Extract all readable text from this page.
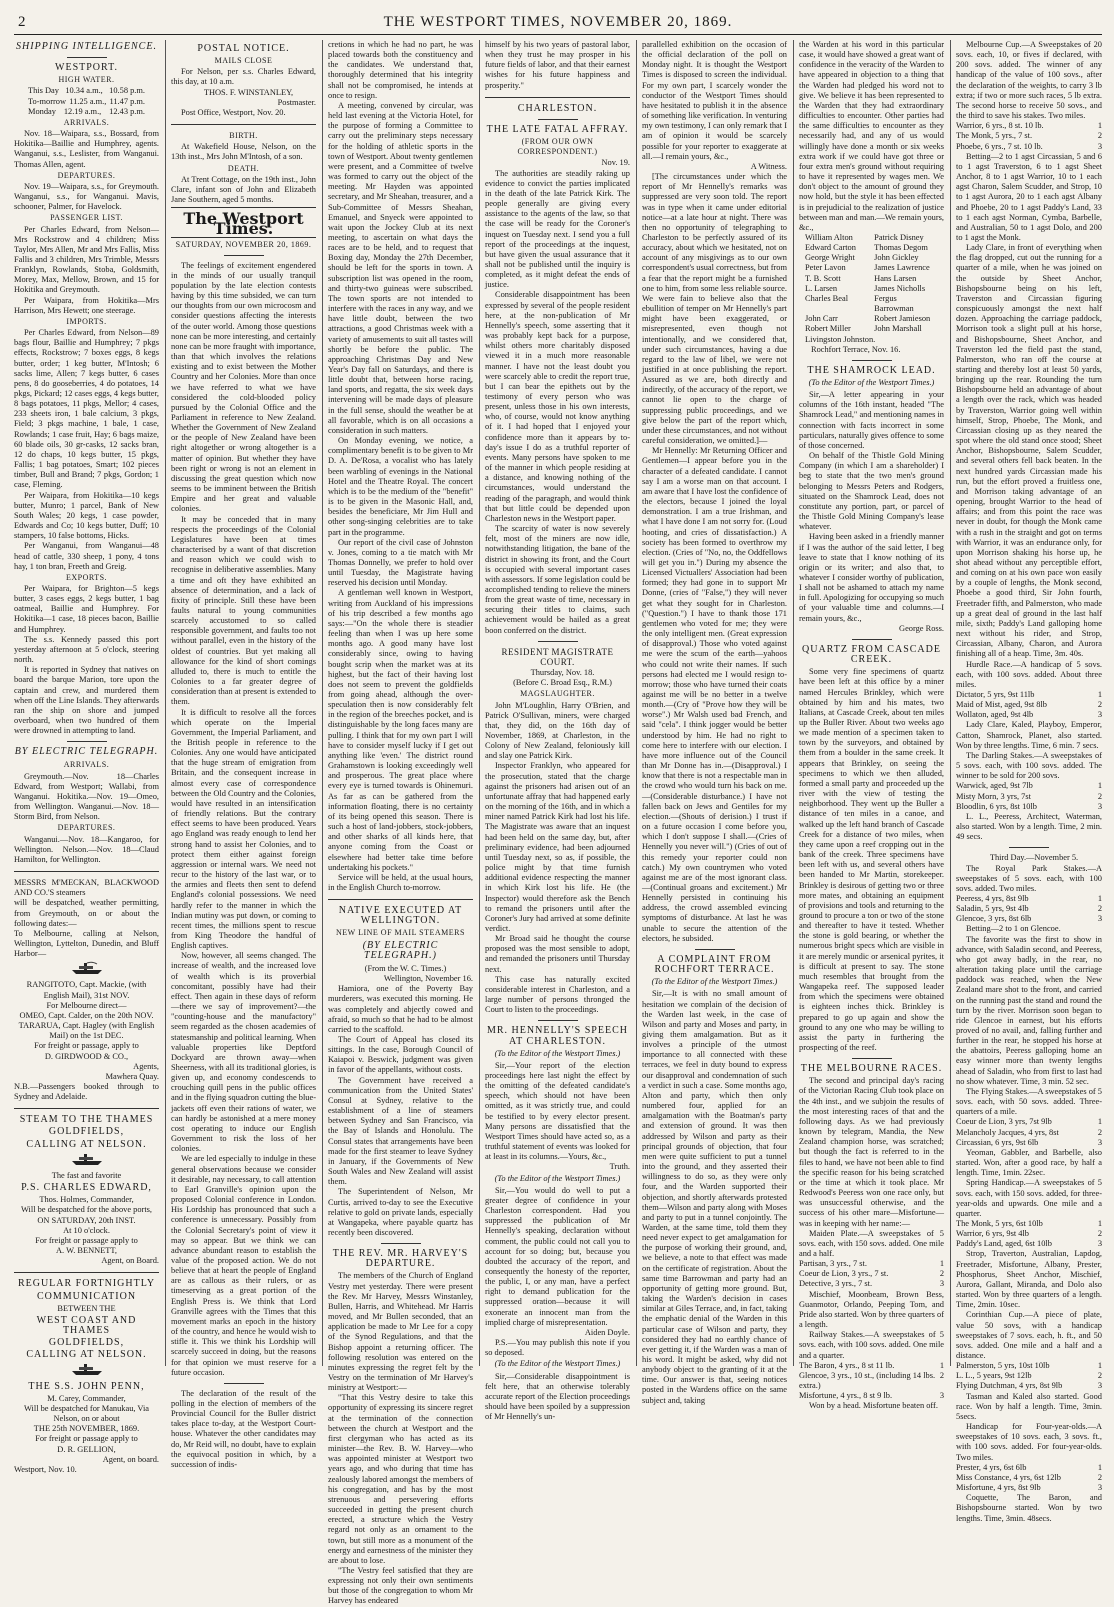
2	THE WESTPORT TIMES, NOVEMBER 20, 1869.
SHIPPING INTELLIGENCE.
WESTPORT.
HIGH WATER.
This Day 10.34 a.m., 10.58 p.m.
To-morrow 11.25 a.m., 11.47 p.m.
Monday 12.19 a.m., 12.43 p.m.
ARRIVALS.

Nov. 18—Waipara, s.s., Bossard, from Hokitika—Baillie and Humphrey, agents. Wanganui, s.s., Leslister, from Wanganui. Thomas Allen, agent.

DEPARTURES.

Nov. 19—Waipara, s.s., for Greymouth. Wanganui, s.s., for Wanganui. Mavis, schooner, Palmer, for Havelock.

PASSENGER LIST.

Per Charles Edward, from Nelson—Mrs Rockstrow and 4 children; Miss Taylor, Mrs Allen, Mr and Mrs Fallis, Miss Fallis and 3 children, Mrs Trimble, Messrs Franklyn, Rowlands, Stoba, Goldsmith, Morey, Max, Mellow, Brown, and 15 for Hokitika and Greymouth.

Per Waipara, from Hokitika—Mrs Harrison, Mrs Hewett; one steerage.

IMPORTS.

Per Charles Edward, from Nelson—89 bags flour, Baillie and Humphrey; 7 pkgs effects, Rockstrow; 7 boxes eggs, 8 kegs butter, order; 1 keg butter, M'Intosh; 6 sacks lime, Allen; 7 kegs butter, 6 cases pens, 8 do gooseberries, 4 do potatoes, 14 pkgs, Pickard; 12 cases eggs, 4 kegs butter, 8 bags potatoes, 11 pkgs, Mellor; 4 cases, 233 sheets iron, 1 bale calcium, 3 pkgs, Field; 3 pkgs machine, 1 bale, 1 case, Rowlands; 1 case fruit, Hay; 6 bags maize, 60 blade oils, 30 gr-casks, 12 sacks bran, 12 do chaps, 10 kegs butter, 15 pkgs, Fallis; 1 bag potatoes, Smart; 102 pieces timber, Bull and Brand; 7 pkgs, Gordon; 1 case, Fleming.

Per Waipara, from Hokitika—10 kegs butter, Munro; 1 parcel, Bank of New South Wales; 20 kegs, 1 case powder, Edwards and Co; 10 kegs butter, Duff; 10 stampers, 10 false bottoms, Hicks.

Per Wanganui, from Wanganui—48 head of cattle, 330 sheep, 1 pony, 4 tons hay, 1 ton bran, Freeth and Greig.

EXPORTS.

Per Waipara, for Brighton—5 kegs butter, 3 cases eggs, 2 kegs butter, 1 bag oatmeal, Baillie and Humphrey. For Hokitika—1 case, 18 pieces bacon, Baillie and Humphrey.

The s.s. Kennedy passed this port yesterday afternoon at 5 o'clock, steering north.

It is reported in Sydney that natives on board the barque Marion, tore upon the captain and crew, and murdered them when off the Line Islands. They afterwards ran the ship on shore and jumped overboard, when two hundred of them were drowned in attempting to land.

BY ELECTRIC TELEGRAPH.
ARRIVALS.

Greymouth.—Nov. 18—Charles Edward, from Westport; Wallabi, from Wanganui. Hokitika.—Nov. 19—Omeo, from Wellington. Wanganui.—Nov. 18—Storm Bird, from Nelson.

DEPARTURES.

Wanganui.—Nov. 18—Kangaroo, for Wellington. Nelson.—Nov. 18—Claud Hamilton, for Wellington.

MESSRS M'MECKAN, BLACKWOOD AND CO.'S steamers

will be despatched, weather permitting, from Greymouth, on or about the following dates:—

To Melbourne, calling at Nelson, Wellington, Lyttelton, Dunedin, and Bluff Harbor—

RANGITOTO, Capt. Mackie, (with English Mail), 31st NOV.

For Melbourne direct—

OMEO, Capt. Calder, on the 20th NOV.

TARARUA, Capt. Hagley (with English Mail) on the 1st DEC.

For freight or passage, apply to

D. GIRDWOOD & CO.,

Agents,

Mawhera Quay.

N.B.—Passengers booked through to Sydney and Adelaide.

STEAM TO THE THAMES
GOLDFIELDS,
CALLING AT NELSON.

The fast and favorite

P.S. CHARLES EDWARD,

Thos. Holmes, Commander,

Will be despatched for the above ports,

ON SATURDAY, 20th INST.

At 10 o'clock.

For freight or passage apply to

A. W. BENNETT,

Agent, on Board.

REGULAR FORTNIGHTLY
COMMUNICATION

BETWEEN THE

WEST COAST AND THAMES
GOLDFIELDS,
CALLING AT NELSON.
THE S.S. JOHN PENN,

M. Carey, Commander,

Will be despatched for Manukau, Via Nelson, on or about

THE 25th NOVEMBER, 1869.

For freight or passage apply to

D. R. GELLION,

Agent, on board.

Westport, Nov. 10.

POSTAL NOTICE.
MAILS CLOSE

For Nelson, per s.s. Charles Edward, this day, at 10 a.m.

THOS. F. WINSTANLEY,

Postmaster.

Post Office, Westport, Nov. 20.

BIRTH.

At Wakefield House, Nelson, on the 13th inst., Mrs John M'Intosh, of a son.

DEATH.

At Trent Cottage, on the 19th inst., John Clare, infant son of John and Elizabeth Jane Southern, aged 5 months.

The Westport Times.
SATURDAY, NOVEMBER 20, 1869.

The feelings of excitement engendered in the minds of our usually tranquil population by the late election contests having by this time subsided, we can turn our thoughts from our own microcosm and consider questions affecting the interests of the outer world. Among those questions none can be more interesting, and certainly none can be more fraught with importance, than that which involves the relations existing and to exist between the Mother Country and her Colonies. More than once we have referred to what we have considered the cold-blooded policy pursued by the Colonial Office and the Parliament in reference to New Zealand. Whether the Government of New Zealand or the people of New Zealand have been right altogether or wrong altogether is a matter of opinion. But whether they have been right or wrong is not an element in discussing the great question which now seems to be imminent between the British Empire and her great and valuable colonies.

It may be conceded that in many respects the proceedings of the Colonial Legislatures have been at times characterised by a want of that discretion and reason which we could wish to recognise in deliberative assemblies. Many a time and oft they have exhibited an absence of determination, and a lack of fixity of principle. Still these have been faults natural to young communities scarcely accustomed to so called responsible government, and faults too not without parallel, even in the history of the oldest of countries. But yet making all allowance for the kind of short comings alluded to, there is much to entitle the Colonies to a far greater degree of consideration than at present is extended to them.

It is difficult to resolve all the forces which operate on the Imperial Government, the Imperial Parliament, and the British people in reference to the Colonies. Any one would have anticipated that the huge stream of emigration from Britain, and the consequent increase in almost every case of correspondence between the Old Country and the Colonies, would have resulted in an intensification of friendly relations. But the contrary effect seems to have been produced. Years ago England was ready enough to lend her strong hand to assist her Colonies, and to protect them either against foreign aggression or internal wars. We need not recur to the history of the last war, or to the armies and fleets then sent to defend England's colonial possessions. We need hardly refer to the manner in which the Indian mutiny was put down, or coming to recent times, the millions spent to rescue from King Theodore the handful of English captives.

Now, however, all seems changed. The increase of wealth, and the increased love of wealth which is its proverbial concomitant, possibly have had their effect. Then again in these days of reform—there we say of improvement?—the "counting-house and the manufactory" seem regarded as the chosen academies of statesmanship and political learning. When valuable properties like Deptford Dockyard are thrown away—when Sheerness, with all its traditional glories, is given up, and economy condescends to crouching quill pens in the public offices and in the flying squadron cutting the blue-jackets off even their rations of water, we can hardly be astonished at a mere money cost operating to induce our English Government to risk the loss of her colonies.

We are led especially to indulge in these general observations because we consider it desirable, nay necessary, to call attention to Earl Granville's opinion upon the proposed Colonial conference in London. His Lordship has pronounced that such a conference is unnecessary. Possibly from the Colonial Secretary's point of view it may so appear. But we think we can advance abundant reason to establish the value of the proposed action. We do not believe that at heart the people of England are as callous as their rulers, or as timeserving as a great portion of the English Press is. We think that Lord Granville agrees with the Times that this movement marks an epoch in the history of the country, and hence he would wish to stifle it. This we think his Lordship will scarcely succeed in doing, but the reasons for that opinion we must reserve for a future occasion.

The declaration of the result of the polling in the election of members of the Provincial Council for the Buller district takes place to-day, at the Westport Court-house. Whatever the other candidates may do, Mr Reid will, no doubt, have to explain the equivocal position in which, by a succession of indis-

cretions in which he had no part, he was placed towards both the constituency and the candidates. We understand that, thoroughly determined that his integrity shall not be compromised, he intends at once to resign.

A meeting, convened by circular, was held last evening at the Victoria Hotel, for the purpose of forming a Committee to carry out the preliminary steps necessary for the holding of athletic sports in the town of Westport. About twenty gentlemen were present, and a Committee of twelve was formed to carry out the object of the meeting. Mr Hayden was appointed secretary, and Mr Sheahan, treasurer, and a Sub-Committee of Messrs Sheahan, Emanuel, and Snyeck were appointed to wait upon the Jockey Club at its next meeting, to ascertain on what days the races are to be held, and to request that Boxing day, Monday the 27th December, should be left for the sports in town. A subscription list was opened in the room, and thirty-two guineas were subscribed. The town sports are not intended to interfere with the races in any way, and we have little doubt, between the two attractions, a good Christmas week with a variety of amusements to suit all tastes will shortly be before the public. The approaching Christmas Day and New Year's Day fall on Saturdays, and there is little doubt that, between horse racing, land sports, and regatta, the six week days intervening will be made days of pleasure in the full sense, should the weather be at all favorable, which is on all occasions a consideration in such matters.

On Monday evening, we notice, a complimentary benefit is to be given to Mr D. A. De'Rosa, a vocalist who has lately been warbling of evenings in the National Hotel and the Theatre Royal. The concert which is to be the medium of the "benefit" is to be given in the Masonic Hall, and, besides the beneficiare, Mr Jim Hull and other song-singing celebrities are to take part in the programme.

Our report of the civil case of Johnston v. Jones, coming to a tie match with Mr Thomas Donnelly, we prefer to hold over until Tuesday, the Magistrate having reserved his decision until Monday.

A gentleman well known in Westport, writing from Auckland of his impressions of his trip described a few months ago says:—"On the whole there is steadier feeling than when I was up here some months ago. A good many have lost considerably since, owing to having bought scrip when the market was at its highest, but the fact of their having lost does not seem to prevent the goldfields from going ahead, although the over-speculation then is now considerably felt in the region of the breeches pocket, and is distinguishable by the long faces many are pulling. I think that for my own part I will have to consider myself lucky if I get out anything like 'even.' The district round Grahamstown is looking exceedingly well and prosperous. The great place where every eye is turned towards is Ohinemuri. As far as can be gathered from the information floating, there is no certainty of its being opened this season. There is such a host of land-jobbers, stock-jobbers, and other sharks of all kinds here, that anyone coming from the Coast or elsewhere had better take time before undertaking his pockets."

Service will be held, at the usual hours, in the English Church to-morrow.

NATIVE EXECUTED AT WELLINGTON.
NEW LINE OF MAIL STEAMERS
(BY ELECTRIC TELEGRAPH.)

(From the W. C. Times.)

Wellington, November 16.

Hamiora, one of the Poverty Bay murderers, was executed this morning. He was completely and abjectly cowed and afraid, so much so that he had to be almost carried to the scaffold.

The Court of Appeal has closed its sittings. In the case, Borough Council of Kaiapoi v. Beswick, judgment was given in favor of the appellants, without costs.

The Government have received a communication from the United States' Consul at Sydney, relative to the establishment of a line of steamers between Sydney and San Francisco, via the Bay of Islands and Honolulu. The Consul states that arrangements have been made for the first steamer to leave Sydney in January, if the Governments of New South Wales and New Zealand will assist them.

The Superintendent of Nelson, Mr Curtis, arrived to-day to see the Executive relative to gold on private lands, especially at Wangapeka, where payable quartz has recently been discovered.

THE REV. MR. HARVEY'S DEPARTURE.

The members of the Church of England Vestry met yesterday. There were present the Rev. Mr Harvey, Messrs Winstanley, Bullen, Harris, and Whitehead. Mr Harris moved, and Mr Bullen seconded, that an application be made to Mr Lee for a copy of the Synod Regulations, and that the Bishop appoint a returning officer. The following resolution was entered on the minutes expressing the regret felt by the Vestry on the termination of Mr Harvey's ministry at Westport:—

"That this Vestry desire to take this opportunity of expressing its sincere regret at the termination of the connection between the church at Westport and the first clergyman who has acted as its minister—the Rev. B. W. Harvey—who was appointed minister at Westport two years ago, and who during that time has zealously labored amongst the members of his congregation, and has by the most strenuous and persevering efforts succeeded in getting the present church erected, a structure which the Vestry regard not only as an ornament to the town, but still more as a monument of the energy and earnestness of the minister they are about to lose.

"The Vestry feel satisfied that they are expressing not only their own sentiments but those of the congregation to whom Mr Harvey has endeared

himself by his two years of pastoral labor, when they trust he may prosper in his future fields of labor, and that their earnest wishes for his future happiness and prosperity."

CHARLESTON.
THE LATE FATAL AFFRAY.
(FROM OUR OWN CORRESPONDENT.)

Nov. 19.

The authorities are steadily raking up evidence to convict the parties implicated in the death of the late Patrick Kirk. The people generally are giving every assistance to the agents of the law, so that the case will be ready for the Coroner's inquest on Tuesday next. I send you a full report of the proceedings at the inquest, but have given the usual assurance that it shall not be published until the inquiry is completed, as it might defeat the ends of justice.

Considerable disappointment has been expressed by several of the people resident here, at the non-publication of Mr Hennelly's speech, some asserting that it was probably kept back for a purpose, whilst others more charitably disposed viewed it in a much more reasonable manner. I have not the least doubt you were scarcely able to credit the report true, but I can bear the epithets out by the testimony of every person who was present, unless those in his own interests, who, of course, would not know anything of it. I had hoped that I enjoyed your confidence more than it appears by to-day's issue I do as a truthful reporter of events. Many persons have spoken to me of the manner in which people residing at a distance, and knowing nothing of the circumstances, would understand the reading of the paragraph, and would think that but little could be depended upon Charleston news in the Westport paper.

The scarcity of water is now severely felt, most of the miners are now idle, notwithstanding litigation, the bane of the district in showing its front, and the Court is occupied with several important cases with assessors. If some legislation could be accomplished tending to relieve the miners from the great waste of time, necessary in securing their titles to claims, such achievement would be hailed as a great boon conferred on the district.

RESIDENT MAGISTRATE COURT.

Thursday, Nov. 18.

(Before C. Broad Esq., R.M.)

MAGSLAUGHTER.

John M'Loughlin, Harry O'Brien, and Patrick O'Sullivan, miners, were charged that, they did, on the 16th day of November, 1869, at Charleston, in the Colony of New Zealand, feloniously kill and slay one Patrick Kirk.

Inspector Franklyn, who appeared for the prosecution, stated that the charge against the prisoners had arisen out of an unfortunate affray that had happened early on the morning of the 16th, and in which a miner named Patrick Kirk had lost his life. The Magistrate was aware that an inquest had been held on the same day, but, after preliminary evidence, had been adjourned until Tuesday next, so as, if possible, the police might by that time furnish additional evidence respecting the manner in which Kirk lost his life. He (the Inspector) would therefore ask the Bench to remand the prisoners until after the Coroner's Jury had arrived at some definite verdict.

Mr Broad said he thought the course proposed was the most sensible to adopt, and remanded the prisoners until Thursday next.

This case has naturally excited considerable interest in Charleston, and a large number of persons thronged the Court to listen to the proceedings.

MR. HENNELLY'S SPEECH AT CHARLESTON.
(To the Editor of the Westport Times.)

Sir,—Your report of the election proceedings here last night the effect by the omitting of the defeated candidate's speech, which should not have been omitted, as it was strictly true, and could be testified to by every elector present. Many persons are dissatisfied that the Westport Times should have acted so, as a truthful statement of events was looked for at least in its columns.—Yours, &c.,

Truth.

(To the Editor of the Westport Times.)

Sir,—You would do well to put a greater degree of confidence in your Charleston correspondent. Had you suppressed the publication of Mr Hennelly's speaking, declaration without comment, the public could not call you to account for so doing; but, because you doubted the accuracy of the report, and consequently the honesty of the reporter, the public, I, or any man, have a perfect right to demand publication for the suppressed oration—because it will exonerate an innocent man from the implied charge of misrepresentation.

Aiden Doyle.

P.S.—You may publish this note if you so deposed.

(To the Editor of the Westport Times.)

Sir,—Considerable disappointment is felt here, that an otherwise tolerably accurate report of the Election proceedings should have been spoiled by a suppression of Mr Hennelly's un-

parallelled exhibition on the occasion of the official declaration of the poll on Monday night. It is thought the Westport Times is disposed to screen the individual. For my own part, I scarcely wonder the conductor of the Westport Times should have hesitated to publish it in the absence of something like verification. In venturing my own testimony, I can only remark that I am of opinion it would be scarcely possible for your reporter to exaggerate at all.—I remain yours, &c.,

A Witness.

[The circumstances under which the report of Mr Hennelly's remarks was suppressed are very soon told. The report was in type when it came under editorial notice—at a late hour at night. There was then no opportunity of telegraphing to Charleston to be perfectly assured of its accuracy, about which we hesitated, not on account of any misgivings as to our own correspondent's usual correctness, but from a fear that the report might be a furnished one to him, from some less reliable source. We were fain to believe also that the ebullition of temper on Mr Hennelly's part might have been exaggerated, or misrepresented, even though not intentionally, and we considered that, under such circumstances, having a due regard to the law of libel, we were not justified in at once publishing the report. Assured as we are, both directly and indirectly, of the accuracy of the report, we cannot lie open to the charge of suppressing public proceedings, and we give below the part of the report which, under these circumstances, and not without careful consideration, we omitted.]—

Mr Hennelly: Mr Returning Officer and Gentlemen—I appear before you in the character of a defeated candidate. I cannot say I am a worse man on that account. I am aware that I have lost the confidence of the electors, because I joined the loyal demonstration. I am a true Irishman, and what I have done I am not sorry for. (Loud hooting, and cries of dissatisfaction.) A society has been formed to overthrow my election. (Cries of "No, no, the Oddfellows will get you in.") During my absence the Licensed Victuallers' Association had been formed; they had gone in to support Mr Donne, (cries of "False,") they will never get what they sought for in Charleston. ("Question.") I have to thank those 171 gentlemen who voted for me; they were the only intelligent men. (Great expression of disapproval.) Those who voted against me were the scum of the earth—yahoos who could not write their names. If such persons had elected me I would resign to-morrow; those who have turned their coats against me will be no better in a twelve month.—(Cry of "Prove how they will be worse".) Mr Walsh used bad French, and said "cela". I think jogger would be better understood by him. He had no right to come here to interfere with our election. I have more influence out of the Council than Mr Donne has in.—(Disapproval.) I know that there is not a respectable man in the crowd who would turn his back on me.—(Considerable disturbance.) I have not fallen back on Jews and Gentiles for my election.—(Shouts of derision.) I trust if on a future occasion I come before you, which I don't suppose I shall.—(Cries of Hennelly you never will.") (Cries of out of this remedy your reporter could non catch.) My own countrymen who voted against me are of the most ignorant class.—(Continual groans and excitement.) Mr Hennelly persisted in continuing his address, the crowd assembled evincing symptoms of disturbance. At last he was unable to secure the attention of the electors, he subsided.

A COMPLAINT FROM ROCHFORT TERRACE.
(To the Editor of the Westport Times.)

Sir,—It is with no small amount of hesitation we complain of the decision of the Warden last week, in the case of Wilson and party and Moses and party, in giving them amalgamation. But as it involves a principle of the utmost importance to all connected with these terraces, we feel in duty bound to express our disapproval and condemnation of such a verdict in such a case. Some months ago, Alton and party, which then only numbered four, applied for an amalgamation with the Boatman's party and extension of ground. It was then addressed by Wilson and party as their principal grounds of objection, that four men were quite sufficient to put a tunnel into the ground, and they asserted their willingness to do so, as they were only four, and the Warden supported their objection, and shortly afterwards protested them—Wilson and party along with Moses and party to put in a tunnel conjointly. The Warden, at the same time, told them they need never expect to get amalgamation for the purpose of working their ground, and, we believe, a note to that effect was made on the certificate of registration. About the same time Barrowman and party had an opportunity of getting more ground. But, taking the Warden's decision in cases similar at Giles Terrace, and, in fact, taking the emphatic denial of the Warden in this particular case of Wilson and party, they considered they had no earthly chance of ever getting it, if the Warden was a man of his word. It might be asked, why did not anybody object to the granting of it at the time. Our answer is that, seeing notices posted in the Wardens office on the same subject and, taking

the Warden at his word in this particular case, it would have showed a great want of confidence in the veracity of the Warden to have appeared in objection to a thing that the Warden had pledged his word not to give. We believe it has been represented to the Warden that they had extraordinary difficulties to encounter. Other parties had the same difficulties to encounter as they necessarily had, and any of us would willingly have done a month or six weeks extra work if we could have got three or four extra men's ground without requiring to have it represented by wages men. We don't object to the amount of ground they now hold, but the style it has been effected is in prejudicial to the realization of justice between man and man.—We remain yours, &c.,

William Alton	Patrick Disney
Edward Carton	Thomas Degom
George Wright	John Gickley
Peter Lavon	James Lawrence
T. B. Scott	Hans Larsen
L. Larsen	James Nicholls
Charles Beal	Fergus Barrowman
John Carr	Robert Jamieson
Robert Miller	John Marshall

Livingston Johnston.

Rochfort Terrace, Nov. 16.

THE SHAMROCK LEAD.
(To the Editor of the Westport Times.)

Sir,—A letter appearing in your columns of the 16th instant, headed "The Shamrock Lead," and mentioning names in connection with facts incorrect in some particulars, naturally gives offence to some of those concerned.

On behalf of the Thistle Gold Mining Company (in which I am a shareholder) I beg to state that the two men's ground belonging to Messrs Peters and Rodgers, situated on the Shamrock Lead, does not constitute any portion, part, or parcel of the Thistle Gold Mining Company's lease whatever.

Having been asked in a friendly manner if I was the author of the said letter, I beg leave to state that I know nothing of its origin or its writer; and also that, to whatever I consider worthy of publication, I shall not be ashamed to attach my name in full. Apologizing for occupying so much of your valuable time and columns.—I remain yours, &c.,

George Ross.

QUARTZ FROM CASCADE CREEK.

Some very fine specimens of quartz have been left at this office by a miner named Hercules Brinkley, which were obtained by him and his mates, two Italians, at Cascade Creek, about ten miles up the Buller River. About two weeks ago we made mention of a specimen taken to town by the surveyors, and obtained by them from a boulder in the same creek. It appears that Brinkley, on seeing the specimens to which we then alluded, formed a small party and proceeded up the river with the view of testing the neighborhood. They went up the Buller a distance of ten miles in a canoe, and walked up the left hand branch of Cascade Creek for a distance of two miles, when they came upon a reef cropping out in the bank of the creek. Three specimens have been left with us, and several others have been handed to Mr Martin, storekeeper. Brinkley is desirous of getting two or three more mates, and obtaining an equipment of provisions and tools and returning to the ground to procure a ton or two of the stone and thereafter to have it tested. Whether the stone is gold bearing, or whether the numerous bright specs which are visible in it are merely mundic or arsenical pyrites, it is difficult at present to say. The stone much resembles that brought from the Wangapeka reef. The supposed leader from which the specimens were obtained is eighteen inches thick. Brinkley is prepared to go up again and show the ground to any one who may be willing to assist the party in furthering the prospecting of the reef.

THE MELBOURNE RACES.

The second and principal day's racing of the Victorian Racing Club took place on the 4th inst., and we subjoin the results of the most interesting races of that and the following days. As we had previously known by telegram, Mandia, the New Zealand champion horse, was scratched; but though the fact is referred to in the files to hand, we have not been able to find the specific reason for his being scratched or the time at which it took place. Mr Redwood's Peeress won one race only, but was unsuccessful otherwise, and the success of his other mare—Misfortune—was in keeping with her name:—

Maiden Plate.—A sweepstakes of 5 sovs. each, with 150 sovs. added. One mile and a half.

Partisan, 3 yrs., 7 st.	1
Coeur de Lion, 3 yrs., 7 st.	2
Detective, 3 yrs., 7 st.	3

Mischief, Moonbeam, Brown Bess, Guanmotor, Orlando, Peeping Tom, and Pride also started. Won by three quarters of a length.

Railway Stakes.—A sweepstakes of 5 sovs. each, with 100 sovs. added. One mile and a quarter.

The Baron, 4 yrs., 8 st 11 lb.	1
Glencoe, 3 yrs., 10 st., (including 14 lbs. extra.)
2
Misfortune, 4 yrs., 8 st 9 lb.	3

Won by a head. Misfortune beaten off.

Melbourne Cup.—A Sweepstakes of 20 sovs. each, 10, or fives if declared, with 200 sovs. added. The winner of any handicap of the value of 100 sovs., after the declaration of the weights, to carry 3 lb extra; if two or more such races, 5 lb extra. The second horse to receive 50 sovs., and the third to save his stakes. Two miles.

Warrior, 6 yrs., 8 st. 10 lb.	1
The Monk, 5 yrs., 7 st.	2
Phoebe, 6 yrs., 7 st. 10 lb.	3

Betting—2 to 1 agst Circassian, 5 and 6 to 1 agst Traverston, 6 to 1 agst Sheet Anchor, 8 to 1 agst Warrior, 10 to 1 each agst Charon, Salem Scudder, and Strop, 10 to 1 agst Aurora, 20 to 1 each agst Albany and Phoebe, 20 to 1 agst Paddy's Land, 33 to 1 each agst Norman, Cymba, Barbelle, and Australian, 50 to 1 agst Dolo, and 200 to 1 agst the Monk.

Lady Clare, in front of everything when the flag dropped, cut out the running for a quarter of a mile, when he was joined on the outside by Sheet Anchor, Bishopsbourne being on his left, Traverston and Circassian figuring conspicuously amongst the next half dozen. Approaching the carriage paddock, Morrison took a slight pull at his horse, and Bishopsbourne, Sheet Anchor, and Traverston led the field past the stand, Palmerston, who ran off the course at starting and thereby lost at least 50 yards, bringing up the rear. Rounding the turn Bishopsbourne held an advantage of about a length over the rack, which was headed by Traverston, Warrior going well within himself, Strop, Phoebe, The Monk, and Circassian closing up as they neared the spot where the old stand once stood; Sheet Anchor, Bishopsbourne, Salem Scudder, and several others fell back beaten. In the next hundred yards Circassian made his run, but the effort proved a fruitless one, and Morrison taking advantage of an opening, brought Warrior to the head of affairs; and from this point the race was never in doubt, for though the Monk came with a rush in the straight and got on terms with Warrior, it was an endurance only, for upon Morrison shaking his horse up, he shot ahead without any perceptible effort, and coming on at his own pace won easily by a couple of lengths, the Monk second, Phoebe a good third, Sir John fourth, Freetrader fifth, and Palmerston, who made up a great deal of ground in the last half mile, sixth; Paddy's Land galloping home next without his rider, and Strop, Circassian, Albany, Charon, and Aurora finishing all of a heap. Time, 3m. 40s.

Hurdle Race.—A handicap of 5 sovs. each, with 100 sovs. added. About three miles.

Dictator, 5 yrs, 9st 11lb	1
Maid of Mist, aged, 9st 8lb	2
Wollaton, aged, 9st 4lb	3

Lady Clare, Kaled, Playboy, Emperor, Catton, Shamrock, Planet, also started. Won by three lengths. Time, 6 min. 7 secs.

The Darling Stakes.—A sweepstakes of 5 sovs. each, with 100 sovs. added. The winner to be sold for 200 sovs.

Warwick, aged, 9st 7lb	1
Misty Morn, 3 yrs, 7st	2
Bloodlin, 6 yrs, 8st 10lb	3

L. L., Peeress, Architect, Waterman, also started. Won by a length. Time, 2 min. 49 secs.

Third Day.—November 5.

The Royal Park Stakes.—A sweepstakes of 5 sovs. each, with 100 sovs. added. Two miles.

Peeress, 4 yrs, 8st 9lb	1
Saladin, 5 yrs, 9st 4lb	2
Glencoe, 3 yrs, 8st 6lb	3

Betting—2 to 1 on Glencoe.

The favorite was the first to show in advance, with Saladin second, and Peeress, who got away badly, in the rear, no alteration taking place until the carriage paddock was reached, when the New Zealand mare shot to the front, and carried on the running past the stand and round the turn by the river. Morrison soon began to ride Glencoe in earnest, but his efforts proved of no avail, and, falling further and further in the rear, he stopped his horse at the abattoirs, Peeress galloping home an easy winner more than twenty lengths ahead of Saladin, who from first to last had no show whatever. Time, 3 min. 52 sec.

The Flying Stakes.—A sweepstakes of 5 sovs. each, with 50 sovs. added. Three-quarters of a mile.

Coeur de Lion, 3 yrs, 7st 9lb	1
Melancholy Jacques, 4 yrs, 8st	2
Circassian, 6 yrs, 9st 6lb	3

Yeoman, Gabbler, and Barbelle, also started. Won, after a good race, by half a length. Time, 1min. 22sec.

Spring Handicap.—A sweepstakes of 5 sovs. each, with 150 sovs. added, for three-year-olds and upwards. One mile and a quarter.

The Monk, 5 yrs, 6st 10lb	1
Warrior, 6 yrs, 9st 4lb	2
Paddy's Land, aged, 6st 10lb	3

Strop, Traverton, Australian, Lapdog, Freetrader, Misfortune, Albany, Prester, Phosphorus, Sheet Anchor, Mischief, Aurora, Gallant, Miranda, and Dolo also started. Won by three quarters of a length. Time, 2min. 10sec.

Corinthian Cup.—A piece of plate, value 50 sovs, with a handicap sweepstakes of 7 sovs. each, h. ft., and 50 sovs. added. One mile and a half and a distance.

Palmerston, 5 yrs, 10st 10lb	1
L. L., 5 years, 9st 12lb	2
Flying Dutchman, 4 yrs, 8st 9lb	3

Tasman and Kaled also started. Good race. Won by half a length. Time, 3min. 5secs.

Handicap for Four-year-olds.—A sweepstakes of 10 sovs. each, 3 sovs. ft., with 100 sovs. added. For four-year-olds. Two miles.

Prester, 4 yrs, 6st 6lb	1
Miss Constance, 4 yrs, 6st 12lb	2
Misfortune, 4 yrs, 8st 9lb	3

Coquette, The Baron, and Bishopsbourne started. Won by two lengths. Time, 3min. 48secs.
